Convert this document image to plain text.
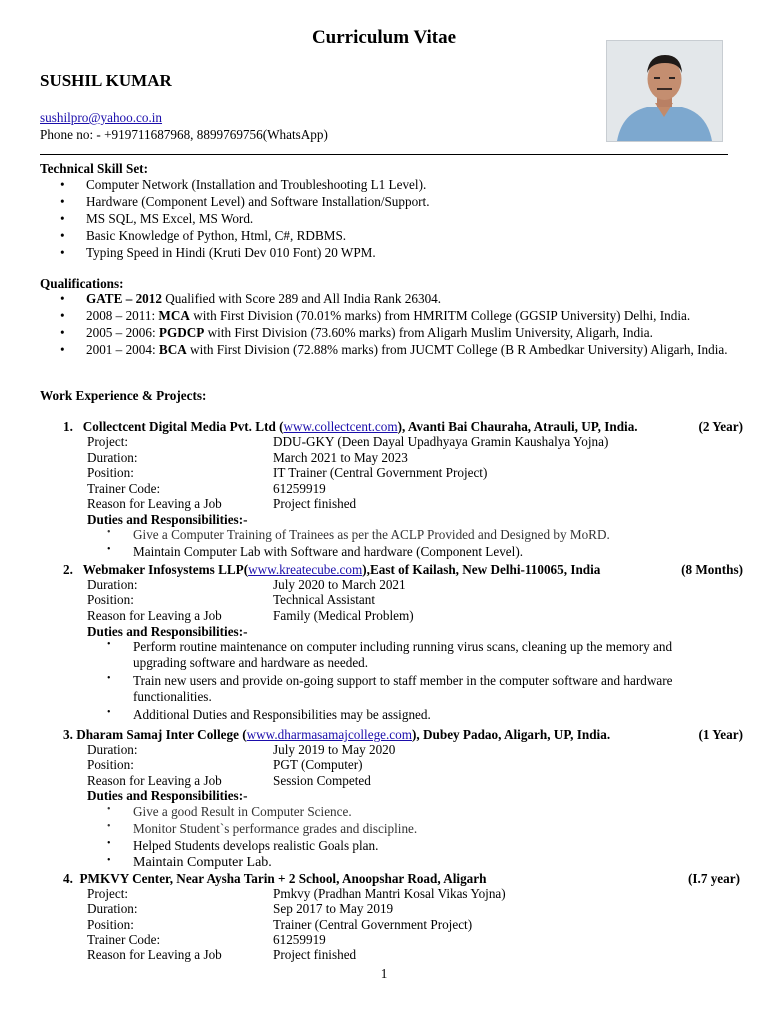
Curriculum Vitae
SUSHIL KUMAR
sushilpro@yahoo.co.in
Phone no: - +919711687968, 8899769756(WhatsApp)
Technical Skill Set:
• Computer Network (Installation and Troubleshooting L1 Level).
• Hardware (Component Level) and Software Installation/Support.
• MS SQL, MS Excel, MS Word.
• Basic Knowledge of Python, Html, C#, RDBMS.
• Typing Speed in Hindi (Kruti Dev 010 Font) 20 WPM.
Qualifications:
• GATE – 2012 Qualified with Score 289 and All India Rank 26304.
• 2008 – 2011: MCA with First Division (70.01% marks) from HMRITM College (GGSIP University) Delhi, India.
• 2005 – 2006: PGDCP with First Division (73.60% marks) from Aligarh Muslim University, Aligarh, India.
• 2001 – 2004: BCA with First Division (72.88% marks) from JUCMT College (B R Ambedkar University) Aligarh, India.
Work Experience & Projects:
1. Collectcent Digital Media Pvt. Ltd (www.collectcent.com), Avanti Bai Chauraha, Atrauli, UP, India.	(2 Year)
Project:	DDU-GKY (Deen Dayal Upadhyaya Gramin Kaushalya Yojna)
Duration:	March 2021 to May 2023
Position:	IT Trainer (Central Government Project)
Trainer Code:	61259919
Reason for Leaving a Job	Project finished
Duties and Responsibilities:-
• Give a Computer Training of Trainees as per the ACLP Provided and Designed by MoRD.
• Maintain Computer Lab with Software and hardware (Component Level).
2. Webmaker Infosystems LLP(www.kreatecube.com),East of Kailash, New Delhi-110065, India	(8 Months)
Duration:	July 2020 to March 2021
Position:	Technical Assistant
Reason for Leaving a Job	Family (Medical Problem)
Duties and Responsibilities:-
• Perform routine maintenance on computer including running virus scans, cleaning up the memory and upgrading software and hardware as needed.
• Train new users and provide on-going support to staff member in the computer software and hardware functionalities.
• Additional Duties and Responsibilities may be assigned.
3. Dharam Samaj Inter College (www.dharmasamajcollege.com), Dubey Padao, Aligarh, UP, India.	(1 Year)
Duration:	July 2019 to May 2020
Position:	PGT (Computer)
Reason for Leaving a Job	Session Competed
Duties and Responsibilities:-
• Give a good Result in Computer Science.
• Monitor Student`s performance grades and discipline.
• Helped Students develops realistic Goals plan.
• Maintain Computer Lab.
4. PMKVY Center, Near Aysha Tarin + 2 School, Anoopshar Road, Aligarh	(I.7 year)
Project:	Pmkvy (Pradhan Mantri Kosal Vikas Yojna)
Duration:	Sep 2017 to May 2019
Position:	Trainer (Central Government Project)
Trainer Code:	61259919
Reason for Leaving a Job	Project finished
1
